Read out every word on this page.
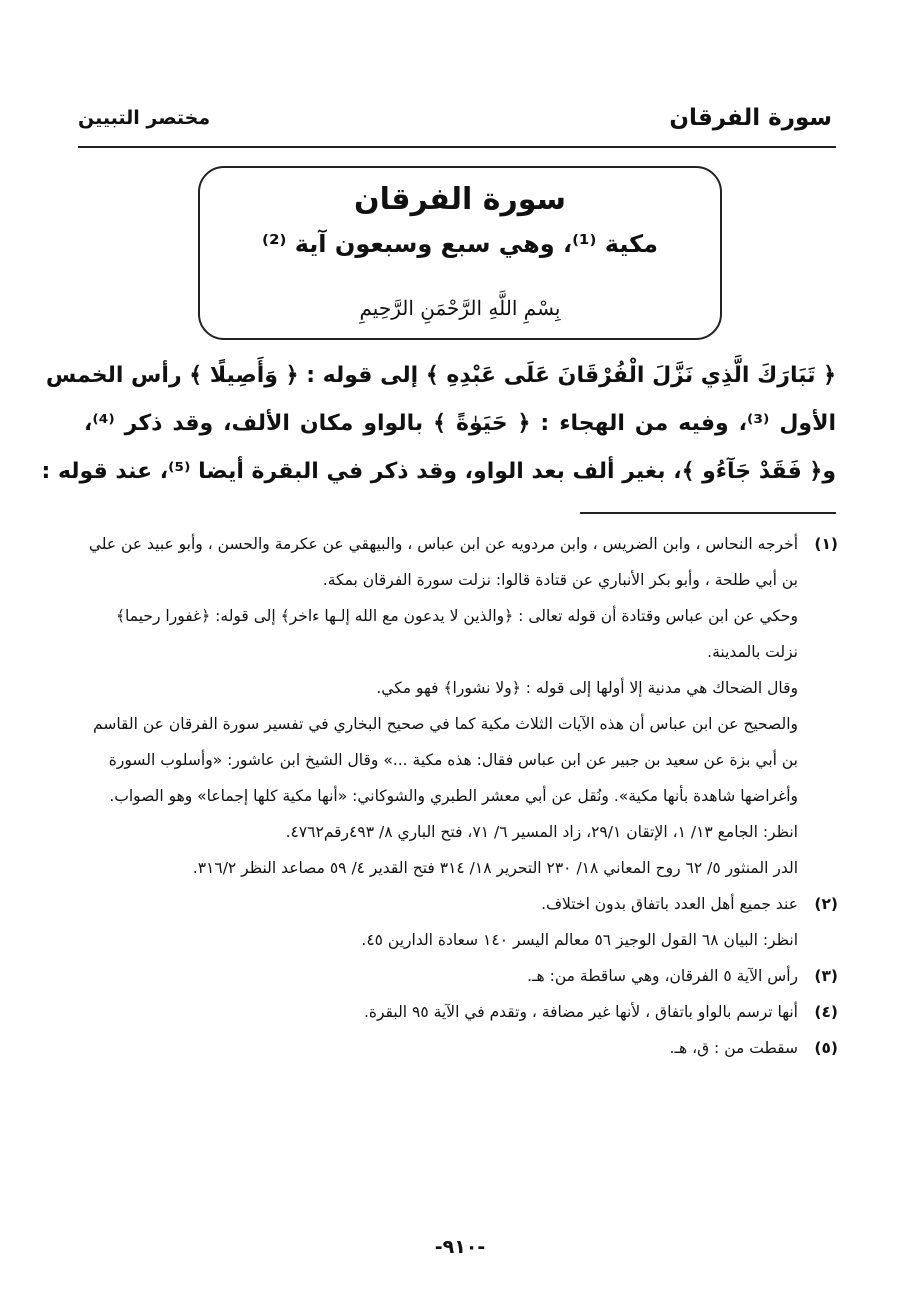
سورة الفرقان
مختصر التبيين
سورة الفرقان
مكية ⁽¹⁾، وهي سبع وسبعون آية ⁽²⁾
بِسْمِ اللَّهِ الرَّحْمَنِ الرَّحِيمِ
﴿ تَبَارَكَ الَّذِي نَزَّلَ الْفُرْقَانَ عَلَى عَبْدِهِ ﴾ إلى قوله : ﴿ وَأَصِيلًا ﴾ رأس الخمس
الأول ⁽³⁾، وفيه من الهجاء : ﴿ حَيَوٰةً ﴾ بالواو مكان الألف، وقد ذكر ⁽⁴⁾،
و﴿ فَقَدْ جَآءُو ﴾، بغير ألف بعد الواو، وقد ذكر في البقرة أيضا ⁽⁵⁾، عند قوله :
(١)

أخرجه النحاس ، وابن الضريس ، وابن مردويه عن ابن عباس ، والبيهقي عن عكرمة والحسن ، وأبو عبيد عن علي بن أبي طلحة ، وأبو بكر الأنباري عن قتادة قالوا: نزلت سورة الفرقان بمكة.

وحكي عن ابن عباس وقتادة أن قوله تعالى : ﴿والذين لا يدعون مع الله إلـها ءاخر﴾ إلى قوله: ﴿غفورا رحيما﴾ نزلت بالمدينة.

وقال الضحاك هي مدنية إلا أولها إلى قوله : ﴿ولا نشورا﴾ فهو مكي.

والصحيح عن ابن عباس أن هذه الآيات الثلاث مكية كما في صحيح البخاري في تفسير سورة الفرقان عن القاسم بن أبي بزة عن سعيد بن جبير عن ابن عباس فقال: هذه مكية ...» وقال الشيخ ابن عاشور: «وأسلوب السورة وأغراضها شاهدة بأنها مكية». ونُقل عن أبي معشر الطبري والشوكاني: «أنها مكية كلها إجماعا» وهو الصواب. انظر: الجامع ١٣/ ١، الإتقان ٢٩/١، زاد المسير ٦/ ٧١، فتح الباري ٨/ ٤٩٣رقم٤٧٦٢.

الدر المنثور ٥/ ٦٢ روح المعاني ١٨/ ٢٣٠ التحرير ١٨/ ٣١٤ فتح القدير ٤/ ٥٩ مصاعد النظر ٣١٦/٢.

(٢)

عند جميع أهل العدد باتفاق بدون اختلاف.

انظر: البيان ٦٨ القول الوجيز ٥٦ معالم اليسر ١٤٠ سعادة الدارين ٤٥.

(٣)

رأس الآية ٥ الفرقان، وهي ساقطة من: هـ.

(٤)

أنها ترسم بالواو باتفاق ، لأنها غير مضافة ، وتقدم في الآية ٩٥ البقرة.

(٥)

سقطت من : ق، هـ.

-٩١٠-
